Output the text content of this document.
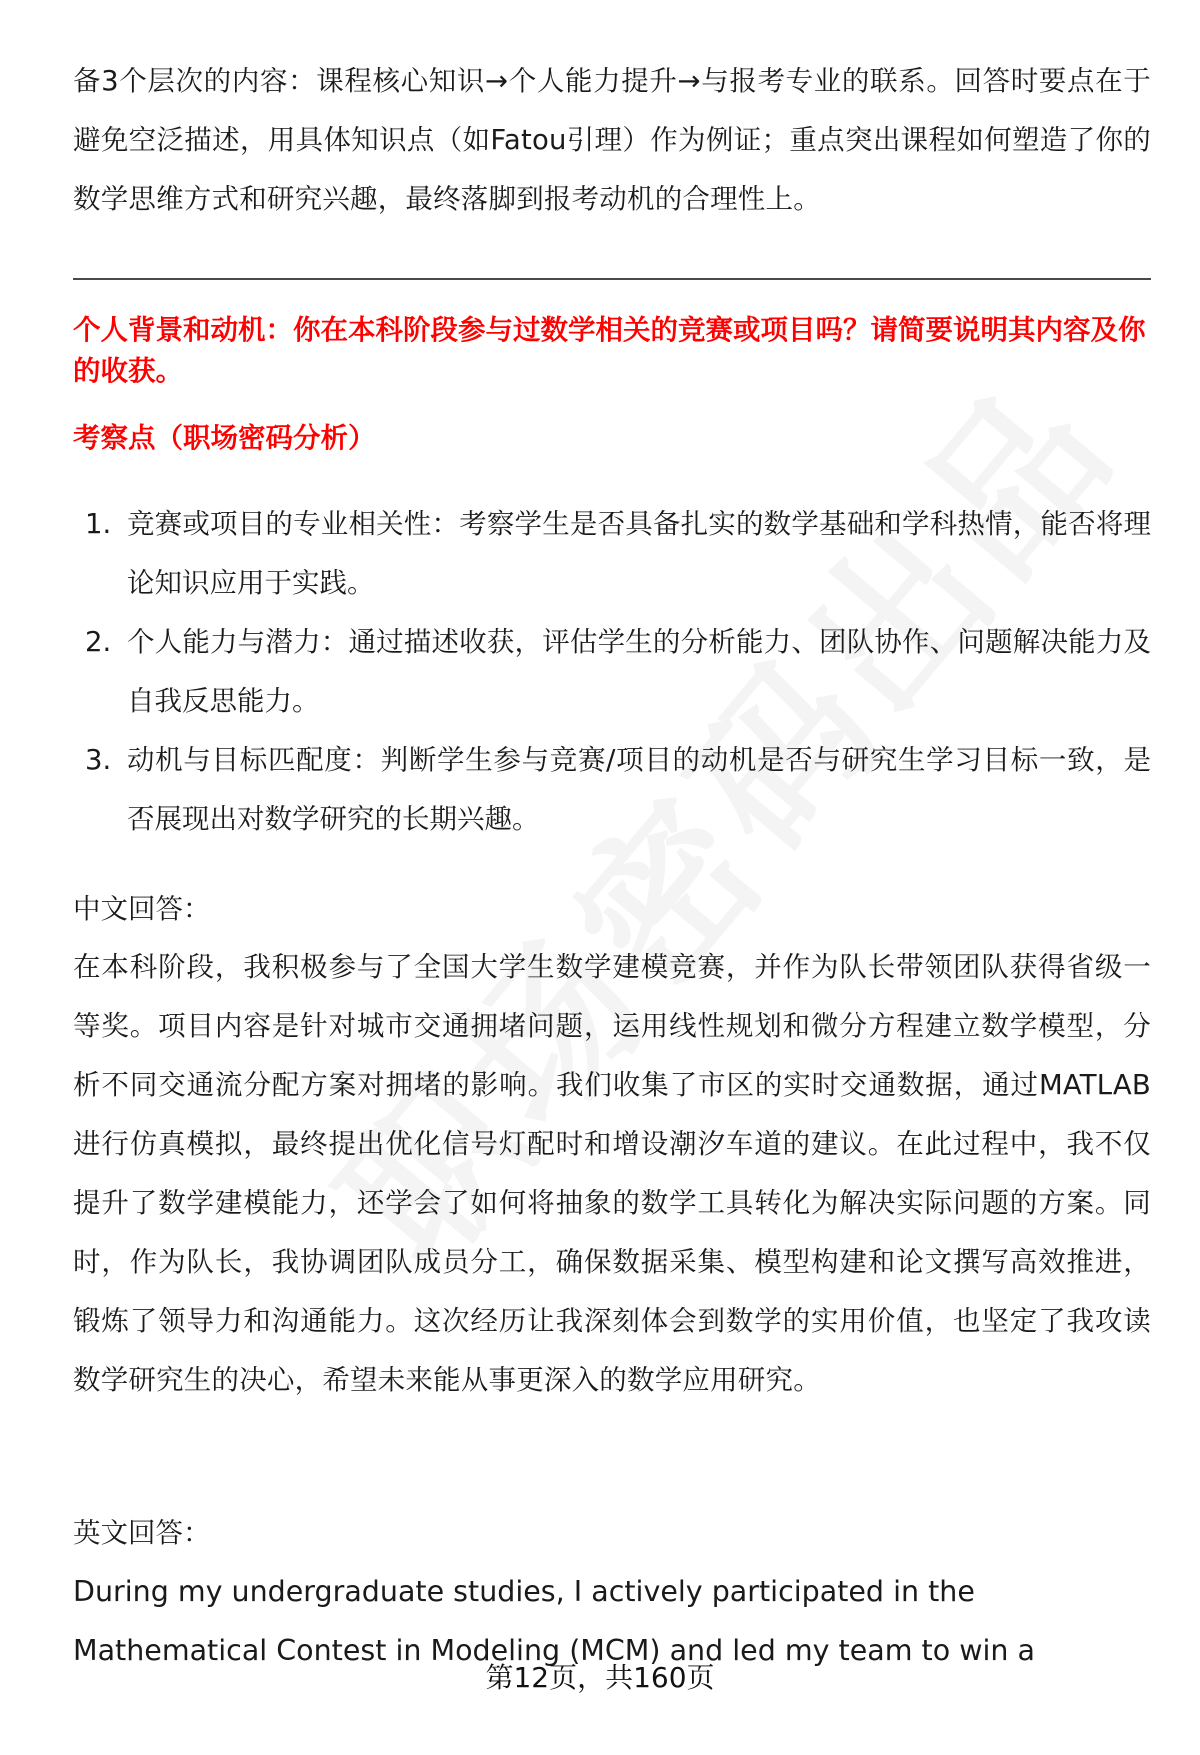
备3个层次的内容：课程核心知识→个人能力提升→与报考专业的联系。回答时要点在于避免空泛描述，用具体知识点（如Fatou引理）作为例证；重点突出课程如何塑造了你的数学思维方式和研究兴趣，最终落脚到报考动机的合理性上。

个人背景和动机：你在本科阶段参与过数学相关的竞赛或项目吗？请简要说明其内容及你的收获。

考察点（职场密码分析）

1. 竞赛或项目的专业相关性：考察学生是否具备扎实的数学基础和学科热情，能否将理论知识应用于实践。
2. 个人能力与潜力：通过描述收获，评估学生的分析能力、团队协作、问题解决能力及自我反思能力。
3. 动机与目标匹配度：判断学生参与竞赛/项目的动机是否与研究生学习目标一致，是否展现出对数学研究的长期兴趣。

中文回答：

在本科阶段，我积极参与了全国大学生数学建模竞赛，并作为队长带领团队获得省级一等奖。项目内容是针对城市交通拥堵问题，运用线性规划和微分方程建立数学模型，分析不同交通流分配方案对拥堵的影响。我们收集了市区的实时交通数据，通过MATLAB进行仿真模拟，最终提出优化信号灯配时和增设潮汐车道的建议。在此过程中，我不仅提升了数学建模能力，还学会了如何将抽象的数学工具转化为解决实际问题的方案。同时，作为队长，我协调团队成员分工，确保数据采集、模型构建和论文撰写高效推进，锻炼了领导力和沟通能力。这次经历让我深刻体会到数学的实用价值，也坚定了我攻读数学研究生的决心，希望未来能从事更深入的数学应用研究。

英文回答：

During my undergraduate studies, I actively participated in the
Mathematical Contest in Modeling (MCM) and led my team to win a

第12页，共160页
